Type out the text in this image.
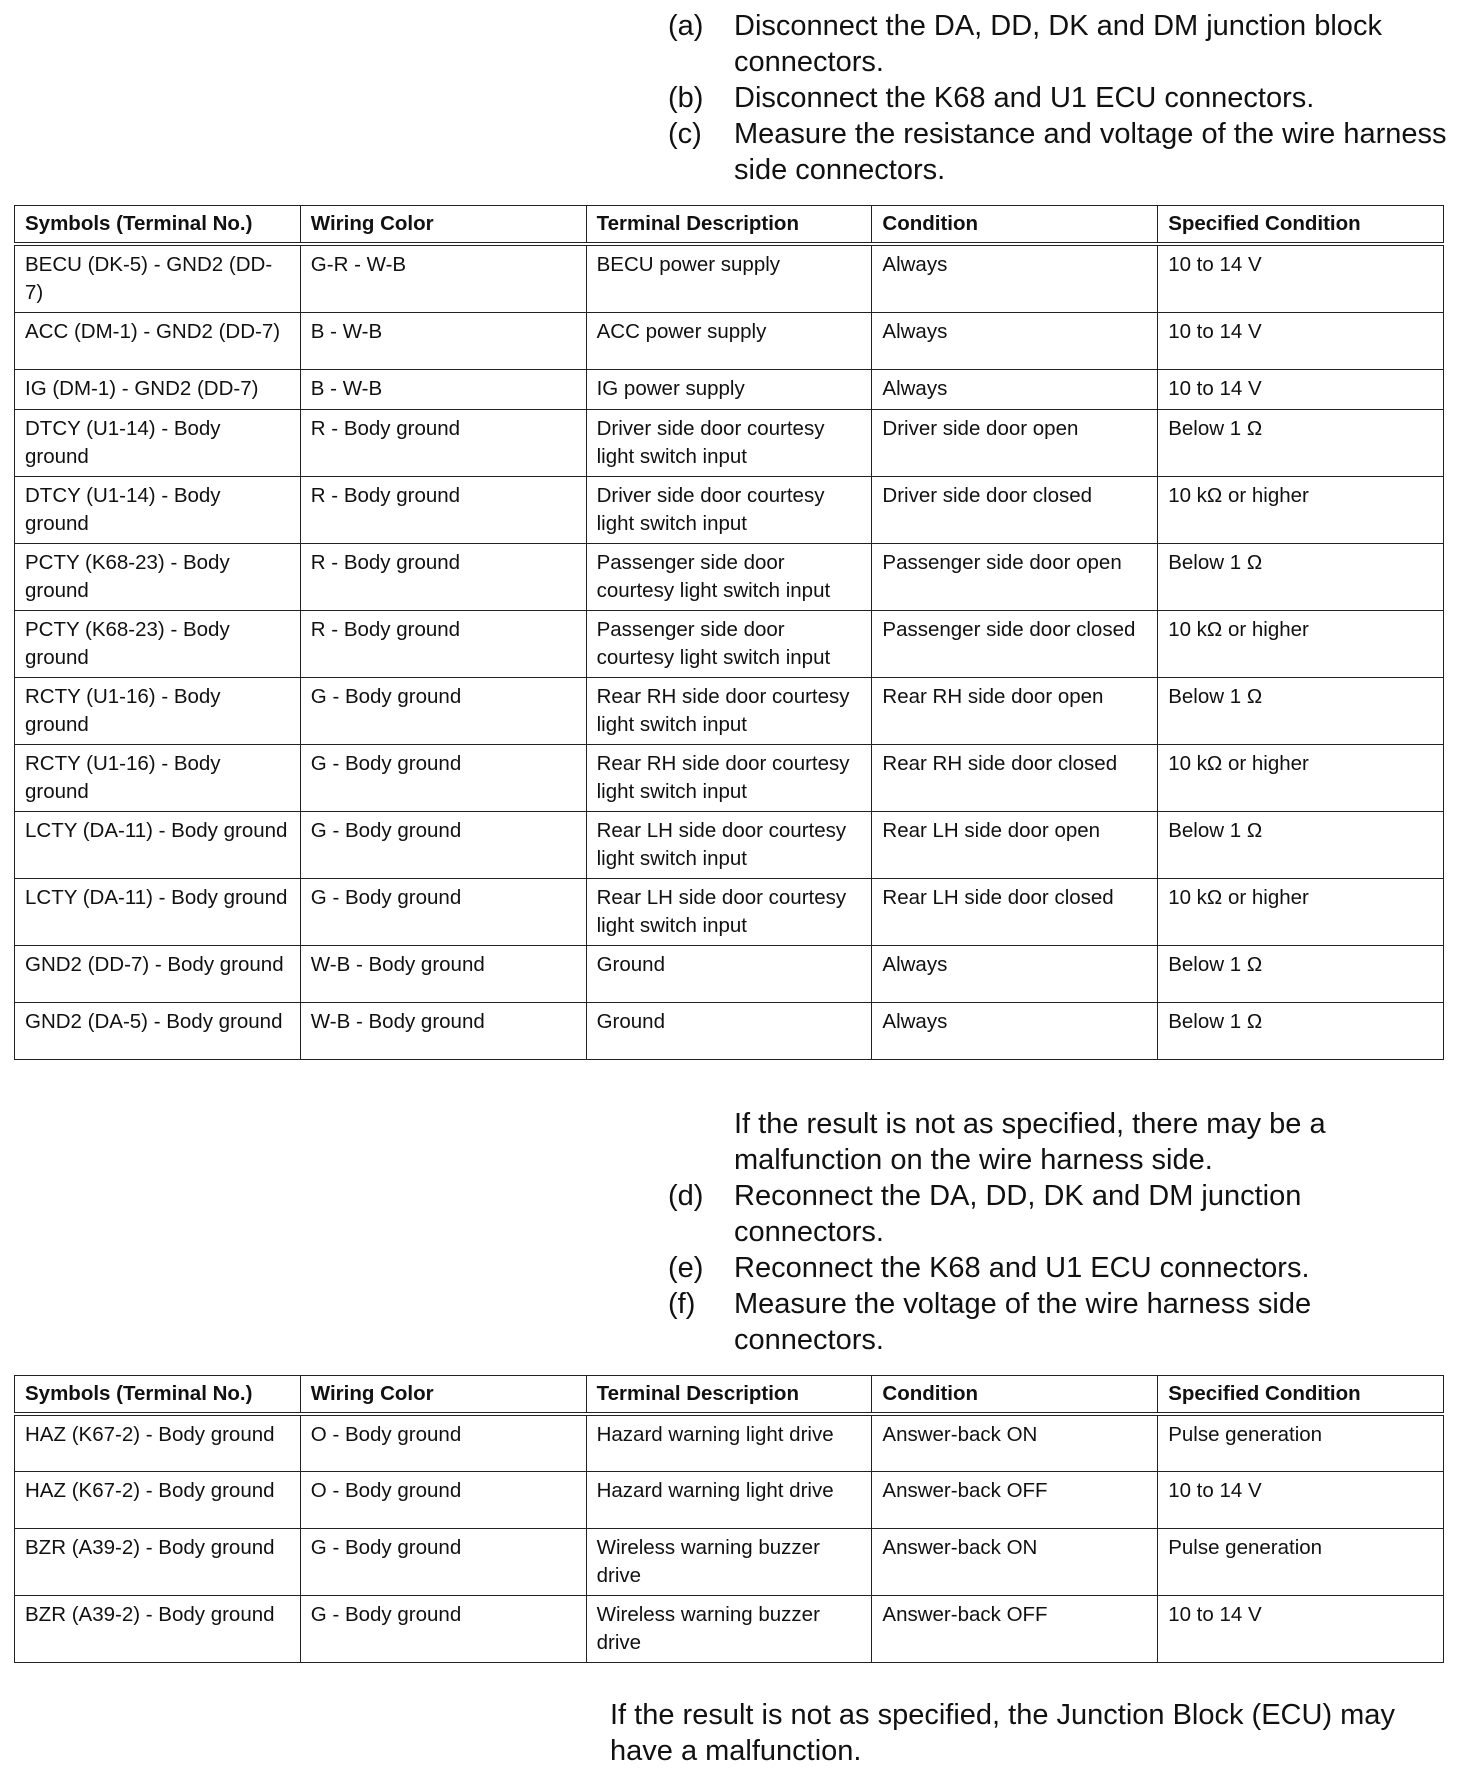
(a) Disconnect the DA, DD, DK and DM junction block connectors.
(b) Disconnect the K68 and U1 ECU connectors.
(c) Measure the resistance and voltage of the wire harness side connectors.
Symbols (Terminal No.)	Wiring Color	Terminal Description	Condition	Specified Condition
BECU (DK-5) - GND2 (DD-7)	G-R - W-B	BECU power supply	Always	10 to 14 V
ACC (DM-1) - GND2 (DD-7)	B - W-B	ACC power supply	Always	10 to 14 V
IG (DM-1) - GND2 (DD-7)	B - W-B	IG power supply	Always	10 to 14 V
DTCY (U1-14) - Body ground	R - Body ground	Driver side door courtesy light switch input	Driver side door open	Below 1 Ω
DTCY (U1-14) - Body ground	R - Body ground	Driver side door courtesy light switch input	Driver side door closed	10 kΩ or higher
PCTY (K68-23) - Body ground	R - Body ground	Passenger side door courtesy light switch input	Passenger side door open	Below 1 Ω
PCTY (K68-23) - Body ground	R - Body ground	Passenger side door courtesy light switch input	Passenger side door closed	10 kΩ or higher
RCTY (U1-16) - Body ground	G - Body ground	Rear RH side door courtesy light switch input	Rear RH side door open	Below 1 Ω
RCTY (U1-16) - Body ground	G - Body ground	Rear RH side door courtesy light switch input	Rear RH side door closed	10 kΩ or higher
LCTY (DA-11) - Body ground	G - Body ground	Rear LH side door courtesy light switch input	Rear LH side door open	Below 1 Ω
LCTY (DA-11) - Body ground	G - Body ground	Rear LH side door courtesy light switch input	Rear LH side door closed	10 kΩ or higher
GND2 (DD-7) - Body ground	W-B - Body ground	Ground	Always	Below 1 Ω
GND2 (DA-5) - Body ground	W-B - Body ground	Ground	Always	Below 1 Ω
If the result is not as specified, there may be a malfunction on the wire harness side.
(d) Reconnect the DA, DD, DK and DM junction connectors.
(e) Reconnect the K68 and U1 ECU connectors.
(f) Measure the voltage of the wire harness side connectors.
Symbols (Terminal No.)	Wiring Color	Terminal Description	Condition	Specified Condition
HAZ (K67-2) - Body ground	O - Body ground	Hazard warning light drive	Answer-back ON	Pulse generation
HAZ (K67-2) - Body ground	O - Body ground	Hazard warning light drive	Answer-back OFF	10 to 14 V
BZR (A39-2) - Body ground	G - Body ground	Wireless warning buzzer drive	Answer-back ON	Pulse generation
BZR (A39-2) - Body ground	G - Body ground	Wireless warning buzzer drive	Answer-back OFF	10 to 14 V
If the result is not as specified, the Junction Block (ECU) may have a malfunction.
